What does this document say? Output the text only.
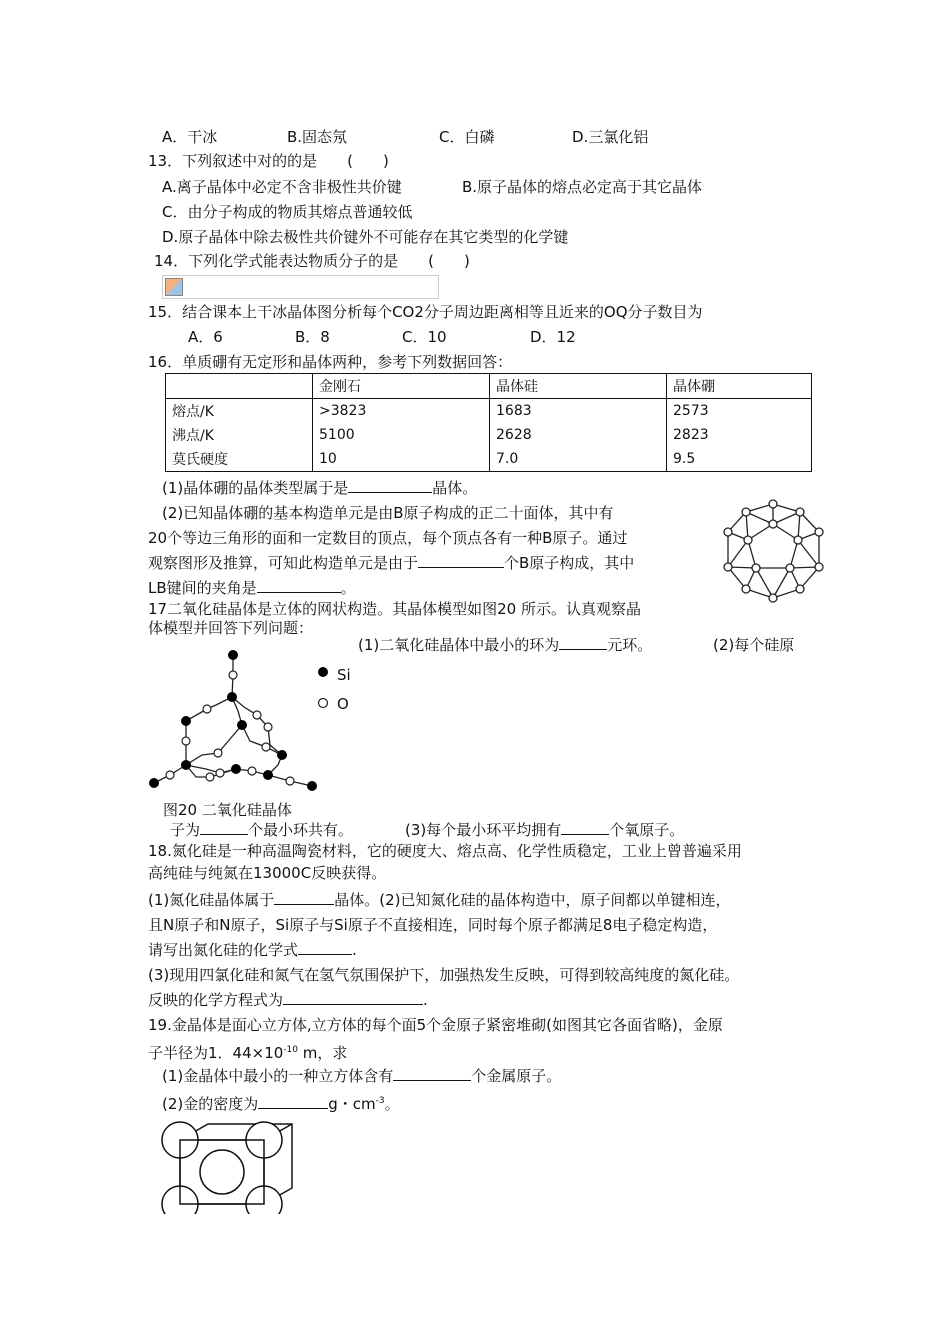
A．干冰	B.固态氖	C．白磷	D.三氯化铝
13．下列叙述中对的的是　　(　　)
A.离子晶体中必定不含非极性共价键	B.原子晶体的熔点必定高于其它晶体
C．由分子构成的物质其熔点普通较低
D.原子晶体中除去极性共价键外不可能存在其它类型的化学键
14．下列化学式能表达物质分子的是　　(　　)
15．结合课本上干冰晶体图分析每个CO2分子周边距离相等且近来的OQ分子数目为
A．6	B．8	C．10	D．12
16．单质硼有无定形和晶体两种，参考下列数据回答：
	金刚石	晶体硅	晶体硼
熔点/K	>3823	1683	2573
沸点/K	5100	2628	2823
莫氏硬度	10	7.0	9.5
(1)晶体硼的晶体类型属于是	晶体。
(2)已知晶体硼的基本构造单元是由B原子构成的正二十面体，其中有
20个等边三角形的面和一定数目的顶点，每个顶点各有一种B原子。通过
观察图形及推算，可知此构造单元是由于	个B原子构成，其中
LB键间的夹角是	。
17二氧化硅晶体是立体的网状构造。其晶体模型如图20 所示。认真观察晶
体模型并回答下列问题：
(1)二氧化硅晶体中最小的环为	元环。	(2)每个硅原
Si
O
图20 二氧化硅晶体
子为	个最小环共有。	(3)每个最小环平均拥有	个氧原子。
18.氮化硅是一种高温陶瓷材料，它的硬度大、熔点高、化学性质稳定，工业上曾普遍采用
高纯硅与纯氮在13000C反映获得。
(1)氮化硅晶体属于	晶体。(2)已知氮化硅的晶体构造中，原子间都以单键相连，
且N原子和N原子，Si原子与Si原子不直接相连，同时每个原子都满足8电子稳定构造，
请写出氮化硅的化学式	.
(3)现用四氯化硅和氮气在氢气氛围保护下，加强热发生反映，可得到较高纯度的氮化硅。
反映的化学方程式为	.
19.金晶体是面心立方体,立方体的每个面5个金原子紧密堆砌(如图其它各面省略)，金原
子半径为1．$44\times 10^{-10}$ m，求
(1)金晶体中最小的一种立方体含有	个金属原子。
(2)金的密度为	g・$cm^{-3}$。
